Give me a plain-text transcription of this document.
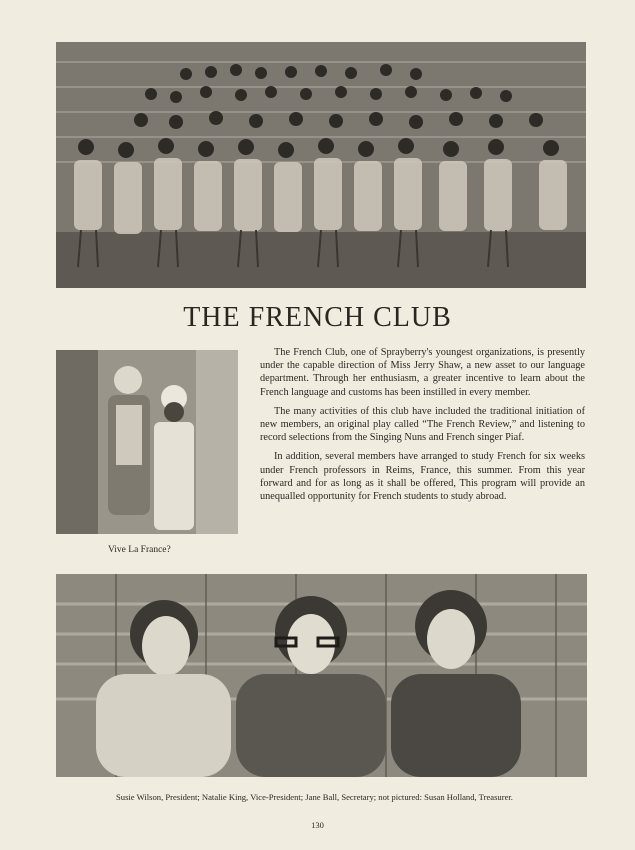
THE FRENCH CLUB
Vive La France?

The French Club, one of Sprayberry's youngest organizations, is presently under the capable direction of Miss Jerry Shaw, a new asset to our language department. Through her enthusiasm, a greater incentive to learn about the French language and customs has been instilled in every member.

The many activities of this club have included the traditional initiation of new members, an original play called “The French Review,” and listening to record selections from the Singing Nuns and French singer Piaf.

In addition, several members have arranged to study French for six weeks under French professors in Reims, France, this summer. From this year forward and for as long as it shall be offered, This program will provide an unequalled opportunity for French students to study abroad.

Susie Wilson, President; Natalie King, Vice-President; Jane Ball, Secretary; not pictured: Susan Holland, Treasurer.
130
